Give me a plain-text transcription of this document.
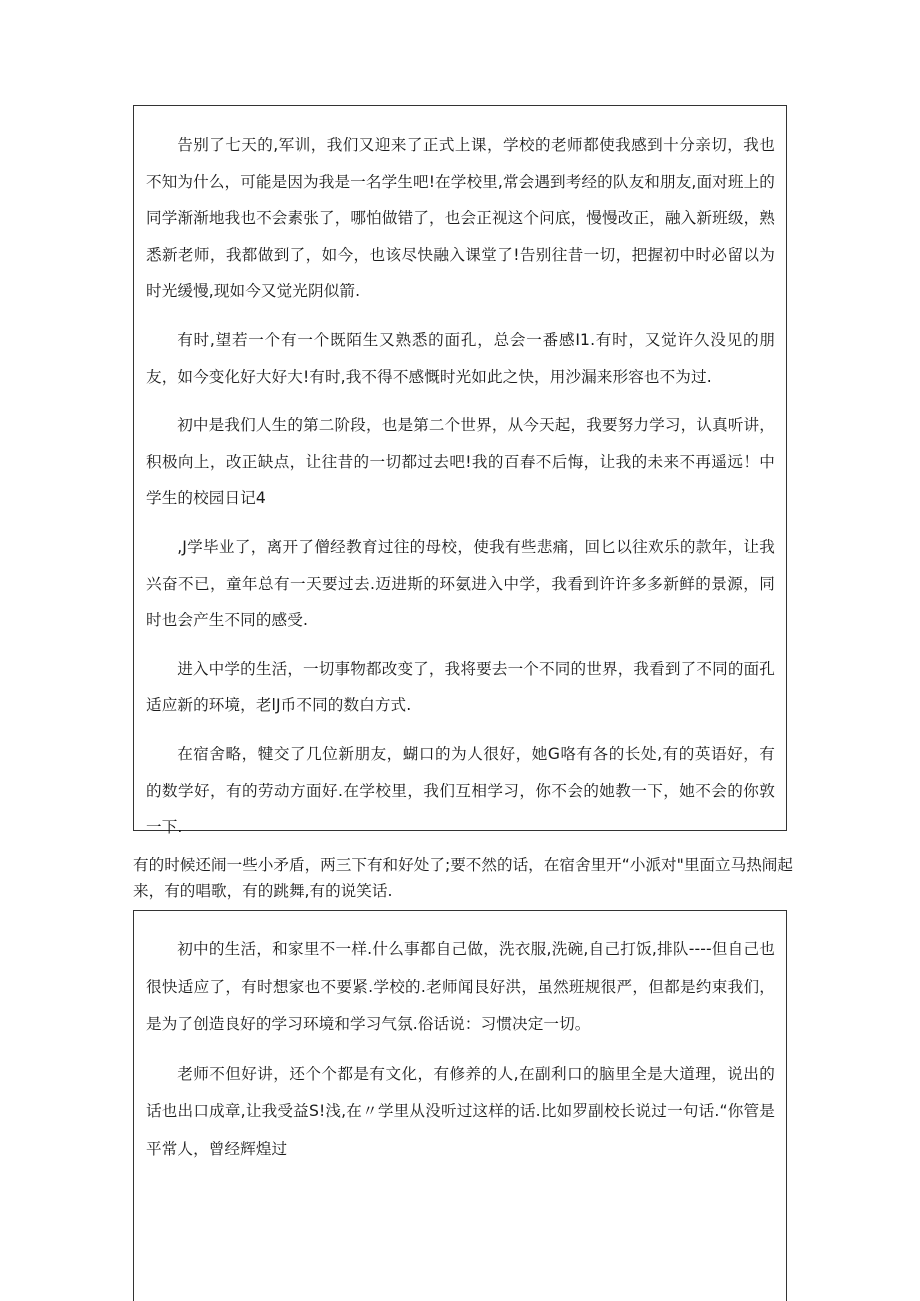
告别了七天的,军训，我们又迎来了正式上课，学校的老师都使我感到十分亲切，我也不知为什么，可能是因为我是一名学生吧!在学校里,常会遇到考经的队友和朋友,面对班上的同学渐渐地我也不会素张了，哪怕做错了，也会正视这个问底，慢慢改正，融入新班级，熟悉新老师，我都做到了，如今，也该尽快融入课堂了!告别往昔一切，把握初中时必留以为时光缓慢,现如今又觉光阴似箭.

有时,望若一个有一个既陌生又熟悉的面孔，总会一番感I1.有时，又觉许久没见的朋友，如今变化好大好大!有时,我不得不感慨时光如此之快，用沙漏来形容也不为过.

初中是我们人生的第二阶段，也是第二个世界，从今天起，我要努力学习，认真听讲，积极向上，改正缺点，让往昔的一切都过去吧!我的百春不后悔，让我的未来不再遥远！中学生的校园日记4

,J学毕业了，离开了僧经教育过往的母校，使我有些悲痛，回匕以往欢乐的款年，让我兴奋不已，童年总有一天要过去.迈进斯的环氨进入中学，我看到许许多多新鲜的景源，同时也会产生不同的感受.

进入中学的生活，一切事物都改变了，我将要去一个不同的世界，我看到了不同的面孔适应新的环境，老lJ币不同的数白方式.

在宿舍略，犍交了几位新朋友，蝴口的为人很好，她G咯有各的长处,有的英语好，有的数学好，有的劳动方面好.在学校里，我们互相学习，你不会的她教一下，她不会的你敦一下.

有的时候还闹一些小矛盾，两三下有和好处了;要不然的话，在宿舍里开“小派对"里面立马热闹起来，有的唱歌，有的跳舞,有的说笑话.

初中的生活，和家里不一样.什么事都自己做，洗衣服,洗碗,自己打饭,排队----但自己也很快适应了，有时想家也不要紧.学校的.老师闻艮好洪，虽然班规很严，但都是约束我们，是为了创造良好的学习环境和学习气氛.俗话说：习惯决定一切。

老师不但好讲，还个个都是有文化，有修养的人,在副利口的脑里全是大道理，说出的话也出口成章,让我受益S!浅,在〃学里从没听过这样的话.比如罗副校长说过一句话.“你管是平常人，曾经辉煌过
